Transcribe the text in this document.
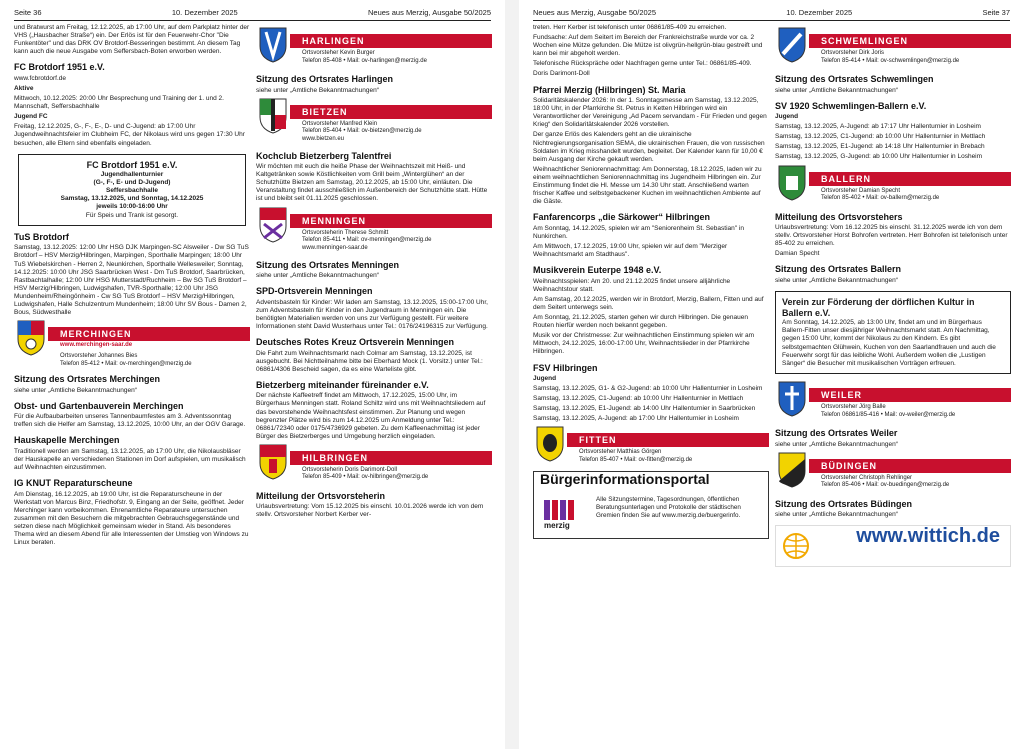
Seite 36	10. Dezember 2025	Neues aus Merzig, Ausgabe 50/2025

und Bratwurst am Freitag, 12.12.2025, ab 17:00 Uhr, auf dem Parkplatz hinter der VHS („Hausbacher Straße“) ein. Der Erlös ist für den Feuerwehr-Chor "Die Funkentöter" und das DRK OV Brotdorf-Besseringen bestimmt. An diesem Tag kann auch die neue Ausgabe vom Seffersbach-Boten erworben werden.

FC Brotdorf 1951 e.V.

www.fcbrotdorf.de

Aktive

Mittwoch, 10.12.2025: 20:00 Uhr Besprechung und Training der 1. und 2. Mannschaft, Seffersbachhalle

Jugend FC

Freitag, 12.12.2025, G-, F-, E-, D- und C-Jugend: ab 17:00 Uhr Jugendweihnachtsfeier im Clubheim FC, der Nikolaus wird uns gegen 17:30 Uhr besuchen, alle Eltern sind ebenfalls eingeladen.

FC Brotdorf 1951 e.V.
Jugendhallenturnier
(G-, F-, E- und D-Jugend)
Seffersbachhalle
Samstag, 13.12.2025, und Sonntag, 14.12.2025
jeweils 10:00-16:00 Uhr
Für Speis und Trank ist gesorgt.
TuS Brotdorf

Samstag, 13.12.2025: 12:00 Uhr HSG DJK Marpingen-SC Alsweiler - Dw SG TuS Brotdorf – HSV Merzig/Hilbringen, Marpingen, Sporthalle Marpingen; 18:00 Uhr TuS Wiebelskirchen - Herren 2, Neunkirchen, Sporthalle Wellesweiler; Sonntag, 14.12.2025: 10:00 Uhr JSG Saarbrücken West - Dm TuS Brotdorf, Saarbrücken, Rastbachtalhalle; 12:00 Uhr HSG Mutterstadt/Ruchheim – Bw SG TuS Brotdorf – HSV Merzig/Hilbringen, Ludwigshafen, TVR-Sporthalle; 12:00 Uhr JSG Mundenheim/Rheingönheim - Cw SG TuS Brotdorf – HSV Merzig/Hilbringen, Ludwigshafen, Halle Schulzentrum Mundenheim; 18:00 Uhr SV Bous - Damen 2, Bous, Südwesthalle

MERCHINGEN
www.merchingen-saar.de
Ortsvorsteher Johannes Bies
Telefon 85-412 • Mail: ov-merchingen@merzig.de
Sitzung des Ortsrates Merchingen

siehe unter „Amtliche Bekanntmachungen“

Obst- und Gartenbauverein Merchingen

Für die Aufbaubarbeiten unseres Tannenbaumfestes am 3. Adventssonntag treffen sich die Helfer am Samstag, 13.12.2025, 10:00 Uhr, an der OGV Garage.

Hauskapelle Merchingen

Traditionell werden am Samstag, 13.12.2025, ab 17:00 Uhr, die Nikolausbläser der Hauskapelle an verschiedenen Stationen im Dorf aufspielen, um musikalisch auf Weihnachten einzustimmen.

IG KNUT Reparaturscheune

Am Dienstag, 16.12.2025, ab 19:00 Uhr, ist die Reparaturscheune in der Werkstatt von Marcus Binz, Friedhofstr. 9, Eingang an der Seite, geöffnet. Jeder Merchinger kann vorbeikommen. Ehrenamtliche Reparateure untersuchen zusammen mit den Besuchern die mitgebrachten Gebrauchsgegenstände und setzen diese nach Möglichkeit gemeinsam wieder in Stand. Als besonderes Thema wird an diesem Abend für alle Interessenten der Umstieg von Windows zu Linux beraten.

HARLINGEN
Ortsvorsteher Kevin Burger
Telefon 85-408 • Mail: ov-harlingen@merzig.de
Sitzung des Ortsrates Harlingen

siehe unter „Amtliche Bekanntmachungen“

BIETZEN
Ortsvorsteher Manfred Klein
Telefon 85-404 • Mail: ov-bietzen@merzig.de
www.bietzen.eu
Kochclub Bietzerberg Talentfrei

Wir möchten mit euch die heiße Phase der Weihnachtszeit mit Heiß- und Kaltgetränken sowie Köstlichkeiten vom Grill beim „Winterglühen“ an der Schutzhütte Bietzen am Samstag, 20.12.2025, ab 15:00 Uhr, einläuten. Die Veranstaltung findet ausschließlich im Außenbereich der Schutzhütte statt. Hütte ist und bleibt seit 01.11.2025 geschlossen.

MENNINGEN
Ortsvorsteherin Therese Schmitt
Telefon 85-411 • Mail: ov-menningen@merzig.de
www.menningen-saar.de
Sitzung des Ortsrates Menningen

siehe unter „Amtliche Bekanntmachungen“

SPD-Ortsverein Menningen

Adventsbasteln für Kinder: Wir laden am Samstag, 13.12.2025, 15:00-17:00 Uhr, zum Adventsbasteln für Kinder in den Jugendraum in Menningen ein. Die benötigten Materialien werden von uns zur Verfügung gestellt. Für weitere Informationen steht David Wusterhaus unter Tel.: 0176/24196315 zur Verfügung.

Deutsches Rotes Kreuz Ortsverein Menningen

Die Fahrt zum Weihnachtsmarkt nach Colmar am Samstag, 13.12.2025, ist ausgebucht. Bei Nichtteilnahme bitte bei Eberhard Mock (1. Vorsitz.) unter Tel.: 06861/4306 Bescheid sagen, da es eine Warteliste gibt.

Bietzerberg miteinander füreinander e.V.

Der nächste Kaffeetreff findet am Mittwoch, 17.12.2025, 15:00 Uhr, im Bürgerhaus Menningen statt. Roland Schiltz wird uns mit Weihnachtsliedern auf das bevorstehende Weihnachtsfest einstimmen. Zur Planung und wegen begrenzter Plätze wird bis zum 14.12.2025 um Anmeldung unter Tel.: 06861/72340 oder 0175/4736929 gebeten. Zu dem Kaffeenachmittag ist jeder Bürger des Bietzerberges und Umgebung herzlich eingeladen.

HILBRINGEN
Ortsvorsteherin Doris Darimont-Doll
Telefon 85-409 • Mail: ov-hilbringen@merzig.de
Mitteilung der Ortsvorsteherin

Urlaubsvertretung: Vom 15.12.2025 bis einschl. 10.01.2026 werde ich von dem stellv. Ortsvorsteher Norbert Kerber ver-

Neues aus Merzig, Ausgabe 50/2025	10. Dezember 2025	Seite 37

treten. Herr Kerber ist telefonisch unter 06861/85-409 zu erreichen.

Fundsache: Auf dem Seitert im Bereich der Frankreichstraße wurde vor ca. 2 Wochen eine Mütze gefunden. Die Mütze ist olivgrün-hellgrün-blau gestreift und kann bei mir abgeholt werden.

Telefonische Rückspräche oder Nachfragen gerne unter Tel.: 06861/85-409.

Doris Darimont-Doll

Pfarrei Merzig (Hilbringen) St. Maria

Solidaritätskalender 2026: In der 1. Sonntagsmesse am Samstag, 13.12.2025, 18:00 Uhr, in der Pfarrkirche St. Petrus in Ketten Hilbringen wird ein Verantwortlicher der Vereinigung „Ad Pacem servandam - Für Frieden und gegen Krieg“ den Solidaritätskalender 2026 vorstellen.

Der ganze Erlös des Kalenders geht an die ukrainische Nichtregierungsorganisation SEMA, die ukrainischen Frauen, die von russischen Soldaten im Krieg misshandelt wurden, begleitet. Der Kalender kann für 10,00 € beim Ausgang der Kirche gekauft werden.

Weihnachtlicher Seniorennachmittag: Am Donnerstag, 18.12.2025, laden wir zu einem weihnachtlichen Seniorennachmittag ins Jugendheim Hilbringen ein. Zur Einstimmung findet die Hl. Messe um 14.30 Uhr statt. Anschließend warten frischer Kaffee und selbstgebackener Kuchen im weihnachtlichen Ambiente auf die Gäste.

Fanfarencorps „die Särkower“ Hilbringen

Am Sonntag, 14.12.2025, spielen wir am "Seniorenheim St. Sebastian" in Nunkirchen.

Am Mittwoch, 17.12.2025, 19:00 Uhr, spielen wir auf dem "Merziger Weihnachtsmarkt am Stadthaus".

Musikverein Euterpe 1948 e.V.

Weihnachtsspielen: Am 20. und 21.12.2025 findet unsere alljährliche Weihnachtstour statt.

Am Samstag, 20.12.2025, werden wir in Brotdorf, Merzig, Ballern, Fitten und auf dem Seitert unterwegs sein.

Am Sonntag, 21.12.2025, starten gehen wir durch Hilbringen. Die genauen Routen hierfür werden noch bekannt gegeben.

Musik vor der Christmesse: Zur weihnachtlichen Einstimmung spielen wir am Mittwoch, 24.12.2025, 16:00-17:00 Uhr, Weihnachtslieder in der Pfarrkirche Hilbringen.

FSV Hilbringen

Jugend

Samstag, 13.12.2025, G1- & G2-Jugend: ab 10:00 Uhr Hallenturnier in Losheim

Samstag, 13.12.2025, C1-Jugend: ab 10:00 Uhr Hallenturnier in Mettlach

Samstag, 13.12.2025, E1-Jugend: ab 14:00 Uhr Hallenturnier in Saarbrücken

Samstag, 13.12.2025, A-Jugend: ab 17:00 Uhr Hallenturnier in Losheim

FITTEN
Ortsvorsteher Matthias Görgen
Telefon 85-407 • Mail: ov-fitten@merzig.de
Bürgerinformationsportal
merzig
Alle Sitzungstermine, Tagesordnungen, öffentlichen Beratungsunterlagen und Protokolle der städtischen Gremien finden Sie auf www.merzig.de/buergerinfo.
SCHWEMLINGEN
Ortsvorsteher Dirk Joris
Telefon 85-414 • Mail: ov-schwemlingen@merzig.de
Sitzung des Ortsrates Schwemlingen

siehe unter „Amtliche Bekanntmachungen“

SV 1920 Schwemlingen-Ballern e.V.

Jugend

Samstag, 13.12.2025, A-Jugend: ab 17:17 Uhr Hallenturnier in Losheim

Samstag, 13.12.2025, C1-Jugend: ab 10:00 Uhr Hallenturnier in Mettlach

Samstag, 13.12.2025, E1-Jugend: ab 14:18 Uhr Hallenturnier in Brebach

Samstag, 13.12.2025, G-Jugend: ab 10:00 Uhr Hallenturnier in Losheim

BALLERN
Ortsvorsteher Damian Specht
Telefon 85-402 • Mail: ov-ballern@merzig.de
Mitteilung des Ortsvorstehers

Urlaubsvertretung: Vom 16.12.2025 bis einschl. 31.12.2025 werde ich von dem stellv. Ortsvorsteher Horst Bohrofen vertreten. Herr Bohrofen ist telefonisch unter 85-402 zu erreichen.

Damian Specht

Sitzung des Ortsrates Ballern

siehe unter „Amtliche Bekanntmachungen“

Verein zur Förderung der dörflichen Kultur in Ballern e.V.
Am Sonntag, 14.12.2025, ab 13:00 Uhr, findet am und im Bürgerhaus Ballern-Fitten unser diesjähriger Weihnachtsmarkt statt. Am Nachmittag, gegen 15:00 Uhr, kommt der Nikolaus zu den Kindern. Es gibt selbstgemachten Glühwein, Kuchen von den Saarlandfrauen und auch die Feuerwehr sorgt für das leibliche Wohl. Außerdem wollen die „Lustigen Sänger“ die Besucher mit musikalischen Vorträgen erfreuen.
WEILER
Ortsvorsteher Jörg Balle
Telefon 06861/85-416 • Mail: ov-weiler@merzig.de
Sitzung des Ortsrates Weiler

siehe unter „Amtliche Bekanntmachungen“

BÜDINGEN
Ortsvorsteher Christoph Rehlinger
Telefon 85-406 • Mail: ov-buedingen@merzig.de
Sitzung des Ortsrates Büdingen

siehe unter „Amtliche Bekanntmachungen“

www.wittich.de
